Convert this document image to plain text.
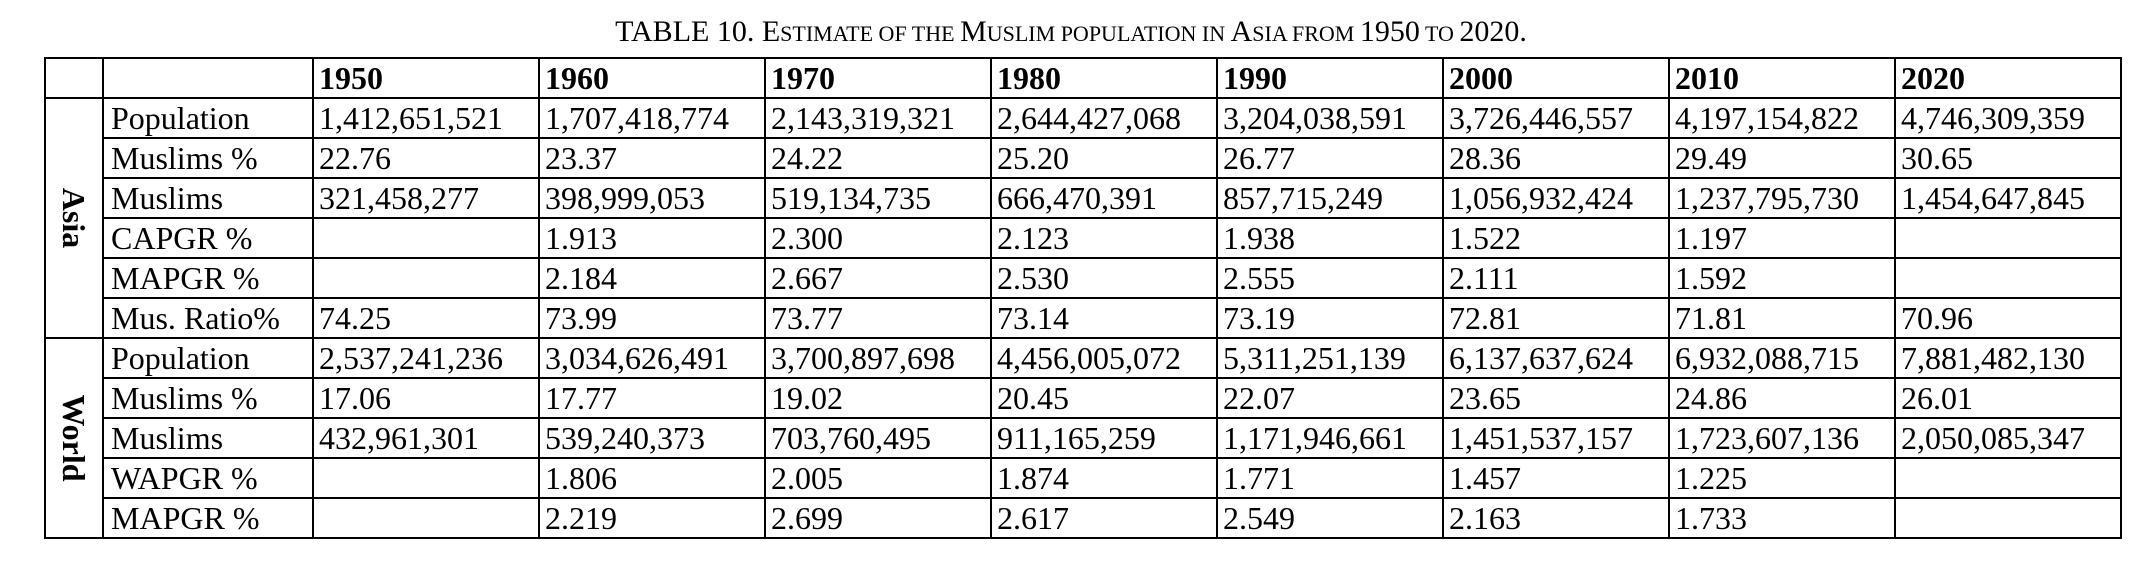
TABLE 10. ESTIMATE OF THE MUSLIM POPULATION IN ASIA FROM 1950 TO 2020.
		1950	1960	1970	1980	1990	2000	2010	2020

Asia	Population	1,412,651,521	1,707,418,774	2,143,319,321	2,644,427,068	3,204,038,591	3,726,446,557	4,197,154,822	4,746,309,359
	Muslims %	22.76	23.37	24.22	25.20	26.77	28.36	29.49	30.65
	Muslims	321,458,277	398,999,053	519,134,735	666,470,391	857,715,249	1,056,932,424	1,237,795,730	1,454,647,845
	CAPGR %		1.913	2.300	2.123	1.938	1.522	1.197	
	MAPGR %		2.184	2.667	2.530	2.555	2.111	1.592	
	Mus. Ratio%	74.25	73.99	73.77	73.14	73.19	72.81	71.81	70.96

World	Population	2,537,241,236	3,034,626,491	3,700,897,698	4,456,005,072	5,311,251,139	6,137,637,624	6,932,088,715	7,881,482,130
	Muslims %	17.06	17.77	19.02	20.45	22.07	23.65	24.86	26.01
	Muslims	432,961,301	539,240,373	703,760,495	911,165,259	1,171,946,661	1,451,537,157	1,723,607,136	2,050,085,347
	WAPGR %		1.806	2.005	1.874	1.771	1.457	1.225	
	MAPGR %		2.219	2.699	2.617	2.549	2.163	1.733	
